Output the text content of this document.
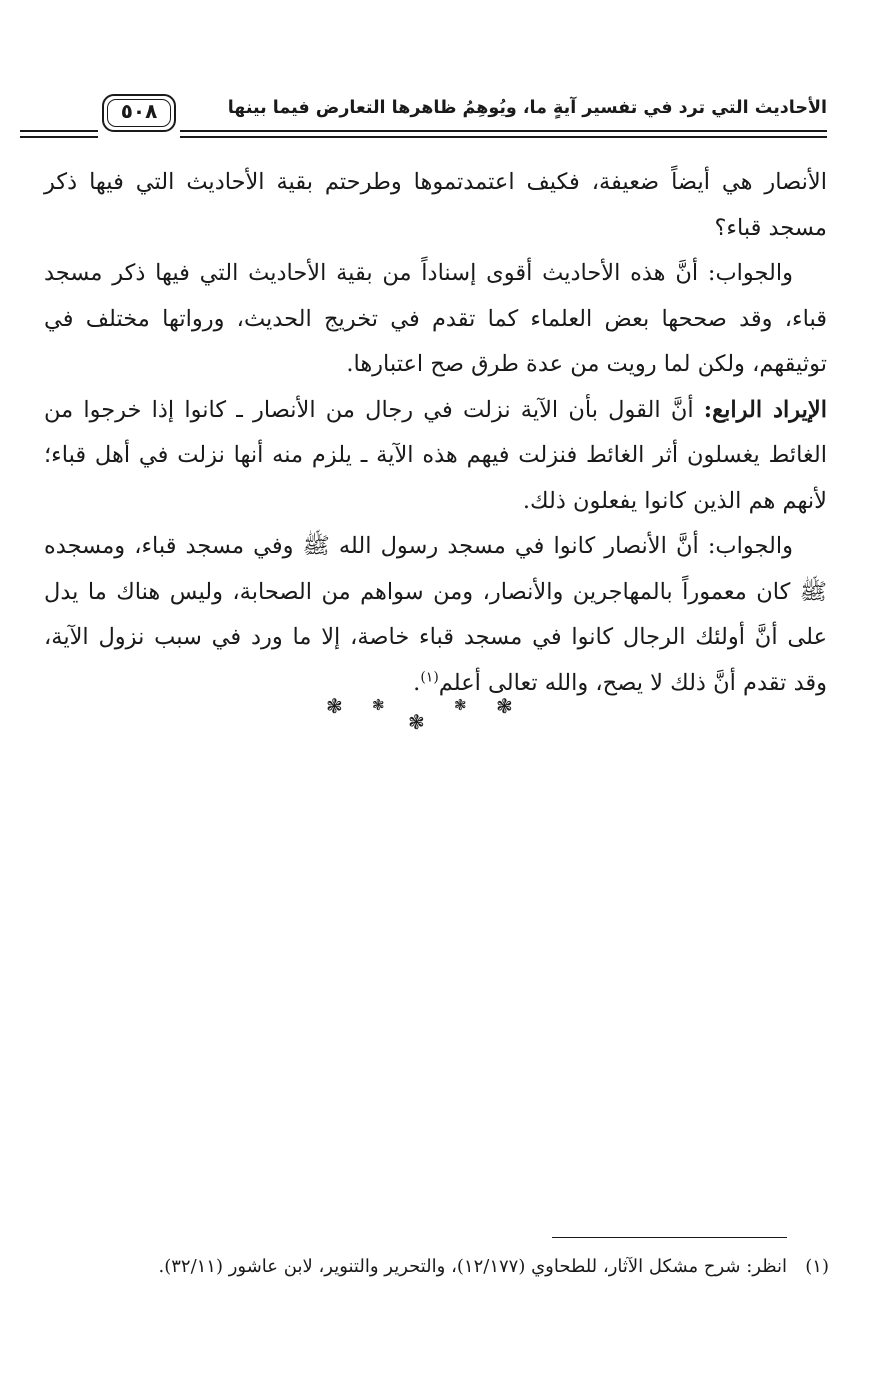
٥٠٨	الأحاديث التي ترد في تفسير آيةٍ ما، ويُوهِمُ ظاهرها التعارض فيما بينها

الأنصار هي أيضاً ضعيفة، فكيف اعتمدتموها وطرحتم بقية الأحاديث التي فيها ذكر مسجد قباء؟

والجواب: أنَّ هذه الأحاديث أقوى إسناداً من بقية الأحاديث التي فيها ذكر مسجد قباء، وقد صححها بعض العلماء كما تقدم في تخريج الحديث، ورواتها مختلف في توثيقهم، ولكن لما رويت من عدة طرق صح اعتبارها.

الإيراد الرابع: أنَّ القول بأن الآية نزلت في رجال من الأنصار ـ كانوا إذا خرجوا من الغائط يغسلون أثر الغائط فنزلت فيهم هذه الآية ـ يلزم منه أنها نزلت في أهل قباء؛ لأنهم هم الذين كانوا يفعلون ذلك.

والجواب: أنَّ الأنصار كانوا في مسجد رسول الله ﷺ وفي مسجد قباء، ومسجده ﷺ كان معموراً بالمهاجرين والأنصار، ومن سواهم من الصحابة، وليس هناك ما يدل على أنَّ أولئك الرجال كانوا في مسجد قباء خاصة، إلا ما ورد في سبب نزول الآية، وقد تقدم أنَّ ذلك لا يصح، والله تعالى أعلم$^{(١)}$.

❃ ❃
❃
❃ ❃
(١)

انظر: شرح مشكل الآثار، للطحاوي (١٢/١٧٧)، والتحرير والتنوير، لابن عاشور (٣٢/١١).
